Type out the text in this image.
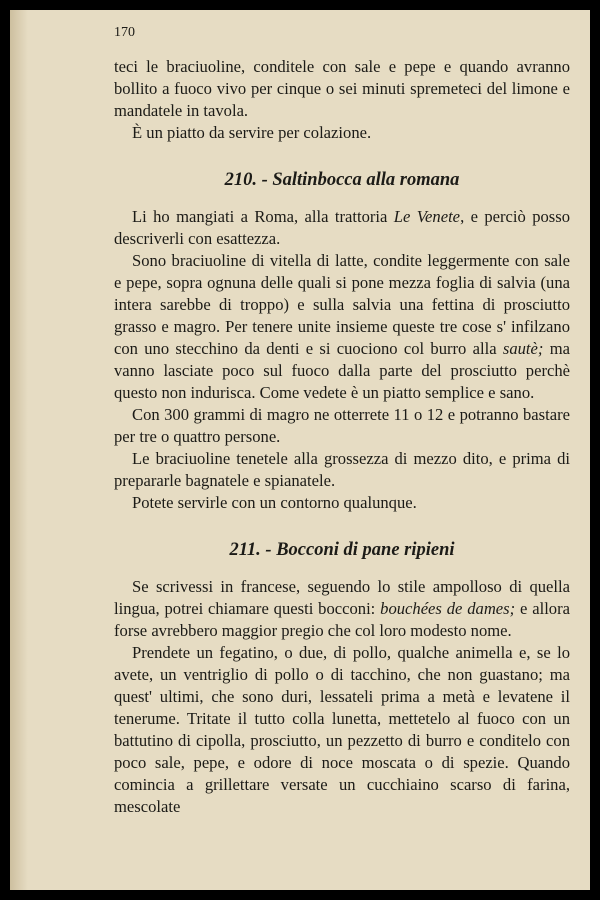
170

teci le braciuoline, conditele con sale e pepe e quando avranno bollito a fuoco vivo per cinque o sei minuti spremeteci del limone e mandatele in tavola.

È un piatto da servire per colazione.

210. - Saltinbocca alla romana

Li ho mangiati a Roma, alla trattoria Le Venete, e perciò posso descriverli con esattezza.

Sono braciuoline di vitella di latte, condite leggermente con sale e pepe, sopra ognuna delle quali si pone mezza foglia di salvia (una intera sarebbe di troppo) e sulla salvia una fettina di prosciutto grasso e magro. Per tenere unite insieme queste tre cose s' infilzano con uno stecchino da denti e si cuociono col burro alla sautè; ma vanno lasciate poco sul fuoco dalla parte del prosciutto perchè questo non indurisca. Come vedete è un piatto semplice e sano.

Con 300 grammi di magro ne otterrete 11 o 12 e potranno bastare per tre o quattro persone.

Le braciuoline tenetele alla grossezza di mezzo dito, e prima di prepararle bagnatele e spianatele.

Potete servirle con un contorno qualunque.

211. - Bocconi di pane ripieni

Se scrivessi in francese, seguendo lo stile ampolloso di quella lingua, potrei chiamare questi bocconi: bouchées de dames; e allora forse avrebbero maggior pregio che col loro modesto nome.

Prendete un fegatino, o due, di pollo, qualche animella e, se lo avete, un ventriglio di pollo o di tacchino, che non guastano; ma quest' ultimi, che sono duri, lessateli prima a metà e levatene il tenerume. Tritate il tutto colla lunetta, mettetelo al fuoco con un battutino di cipolla, prosciutto, un pezzetto di burro e conditelo con poco sale, pepe, e odore di noce moscata o di spezie. Quando comincia a grillettare versate un cucchiaino scarso di farina, mescolate
